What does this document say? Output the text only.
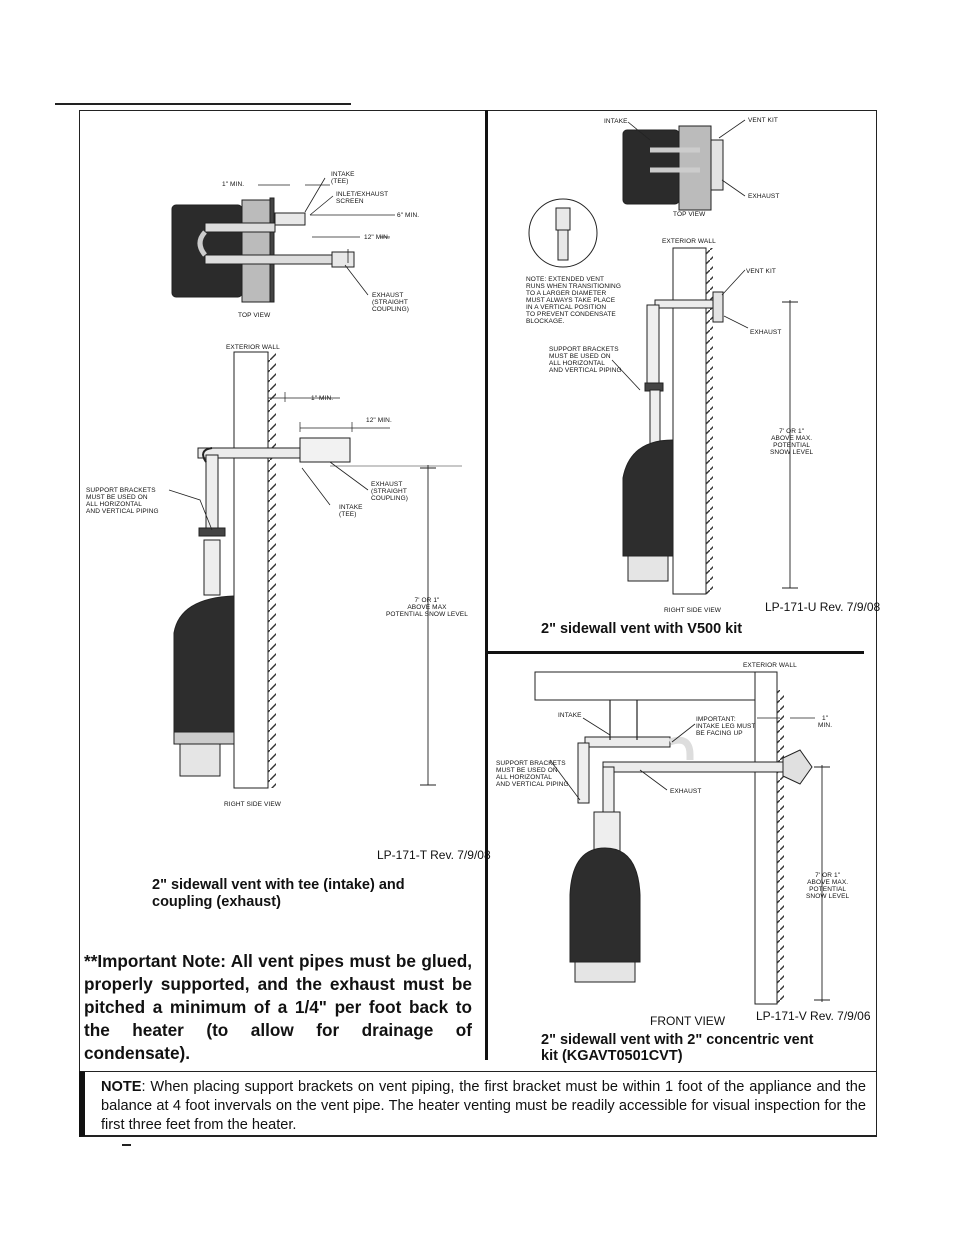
INTAKE
(TEE)
1" MIN.
INLET/EXHAUST
SCREEN
6" MIN.
12" MIN.
EXHAUST
(STRAIGHT
COUPLING)
TOP VIEW
EXTERIOR WALL
1" MIN.
12" MIN.
SUPPORT BRACKETS
MUST BE USED ON
ALL HORIZONTAL
AND VERTICAL PIPING
EXHAUST
(STRAIGHT
COUPLING)
INTAKE
(TEE)
7' OR 1"
ABOVE MAX
POTENTIAL SNOW LEVEL
RIGHT SIDE VIEW
LP-171-T Rev. 7/9/08
2" sidewall vent with tee (intake) and
coupling (exhaust)
**Important Note: All vent pipes must be glued, properly supported, and the exhaust must be pitched a minimum of a 1/4" per foot back to the heater (to allow for drainage of condensate).
INTAKE	VENT KIT
EXHAUST
TOP VIEW
EXTERIOR WALL
NOTE: EXTENDED VENT
RUNS WHEN TRANSITIONING
TO A LARGER DIAMETER
MUST ALWAYS TAKE PLACE
IN A VERTICAL POSITION
TO PREVENT CONDENSATE
BLOCKAGE.
VENT KIT
EXHAUST
SUPPORT BRACKETS
MUST BE USED ON
ALL HORIZONTAL
AND VERTICAL PIPING
7' OR 1"
ABOVE MAX.
POTENTIAL
SNOW LEVEL
RIGHT SIDE VIEW	LP-171-U Rev. 7/9/08
2" sidewall vent with V500 kit
EXTERIOR WALL
INTAKE
IMPORTANT:
INTAKE LEG MUST
BE FACING UP
1"
MIN.
SUPPORT BRACKETS
MUST BE USED ON
ALL HORIZONTAL
AND VERTICAL PIPING
EXHAUST
7' OR 1"
ABOVE MAX.
POTENTIAL
SNOW LEVEL
FRONT VIEW	LP-171-V Rev. 7/9/06
2" sidewall vent with 2" concentric vent
kit (KGAVT0501CVT)
NOTE: When placing support brackets on vent piping, the first bracket must be within 1 foot of the appliance and the balance at 4 foot invervals on the vent pipe. The heater venting must be readily accessible for visual inspection for the first three feet from the heater.
